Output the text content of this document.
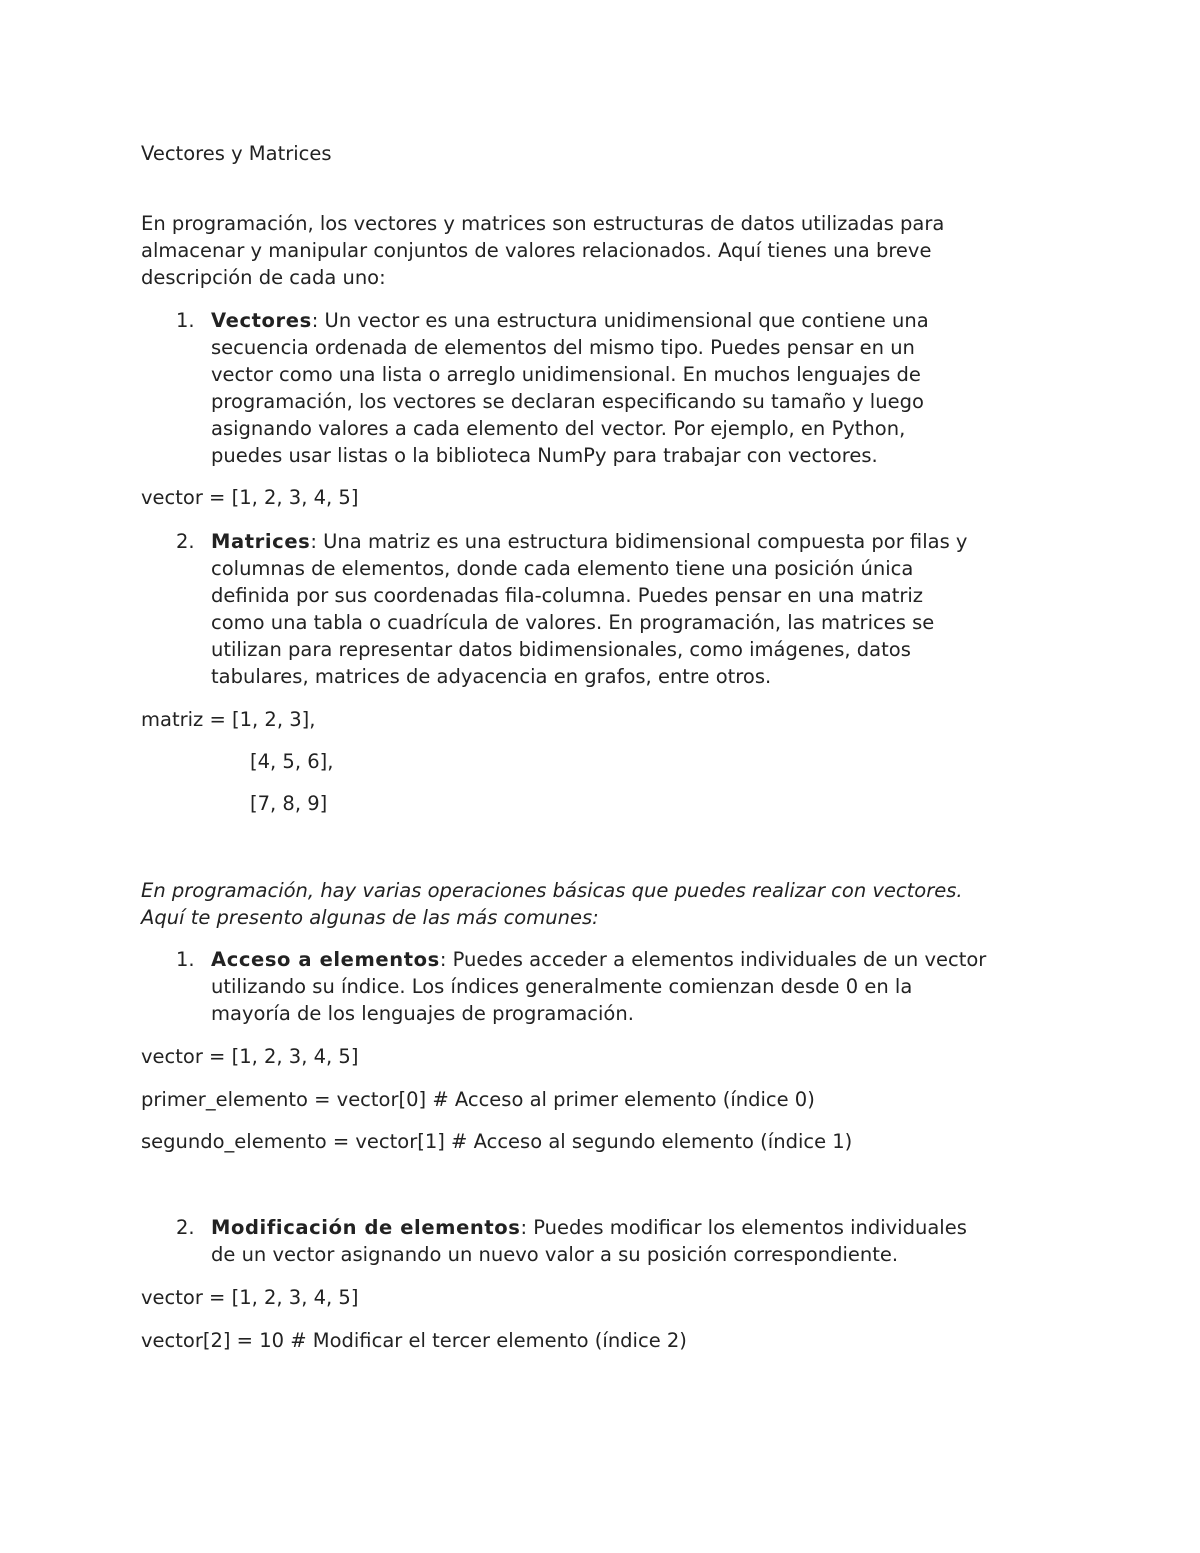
Vectores y Matrices
En programación, los vectores y matrices son estructuras de datos utilizadas para
almacenar y manipular conjuntos de valores relacionados. Aquí tienes una breve
descripción de cada uno:
1. Vectores: Un vector es una estructura unidimensional que contiene una
secuencia ordenada de elementos del mismo tipo. Puedes pensar en un
vector como una lista o arreglo unidimensional. En muchos lenguajes de
programación, los vectores se declaran especificando su tamaño y luego
asignando valores a cada elemento del vector. Por ejemplo, en Python,
puedes usar listas o la biblioteca NumPy para trabajar con vectores.
vector = [1, 2, 3, 4, 5]
2. Matrices: Una matriz es una estructura bidimensional compuesta por filas y
columnas de elementos, donde cada elemento tiene una posición única
definida por sus coordenadas fila-columna. Puedes pensar en una matriz
como una tabla o cuadrícula de valores. En programación, las matrices se
utilizan para representar datos bidimensionales, como imágenes, datos
tabulares, matrices de adyacencia en grafos, entre otros.
matriz = [1, 2, 3],
[4, 5, 6],
[7, 8, 9]
En programación, hay varias operaciones básicas que puedes realizar con vectores.
Aquí te presento algunas de las más comunes:
1. Acceso a elementos: Puedes acceder a elementos individuales de un vector
utilizando su índice. Los índices generalmente comienzan desde 0 en la
mayoría de los lenguajes de programación.
vector = [1, 2, 3, 4, 5]
primer_elemento = vector[0] # Acceso al primer elemento (índice 0)
segundo_elemento = vector[1] # Acceso al segundo elemento (índice 1)
2. Modificación de elementos: Puedes modificar los elementos individuales
de un vector asignando un nuevo valor a su posición correspondiente.
vector = [1, 2, 3, 4, 5]
vector[2] = 10 # Modificar el tercer elemento (índice 2)
